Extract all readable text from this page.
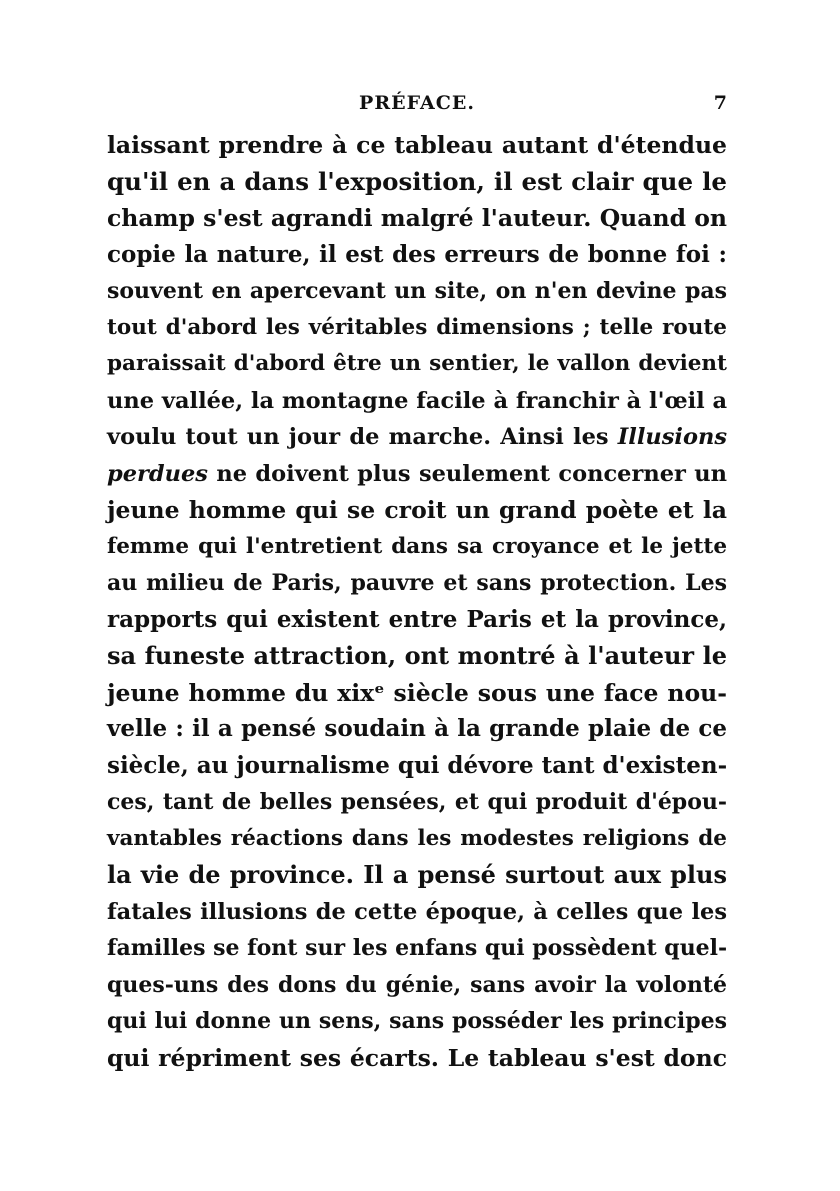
PRÉFACE.	7
laissant prendre à ce tableau autant d'étendue
qu'il en a dans l'exposition, il est clair que le
champ s'est agrandi malgré l'auteur. Quand on
copie la nature, il est des erreurs de bonne foi :
souvent en apercevant un site, on n'en devine pas
tout d'abord les véritables dimensions ; telle route
paraissait d'abord être un sentier, le vallon devient
une vallée, la montagne facile à franchir à l'œil a
voulu tout un jour de marche. Ainsi les Illusions
perdues ne doivent plus seulement concerner un
jeune homme qui se croit un grand poète et la
femme qui l'entretient dans sa croyance et le jette
au milieu de Paris, pauvre et sans protection. Les
rapports qui existent entre Paris et la province,
sa funeste attraction, ont montré à l'auteur le
jeune homme du xixᵉ siècle sous une face nou-
velle : il a pensé soudain à la grande plaie de ce
siècle, au journalisme qui dévore tant d'existen-
ces, tant de belles pensées, et qui produit d'épou-
vantables réactions dans les modestes religions de
la vie de province. Il a pensé surtout aux plus
fatales illusions de cette époque, à celles que les
familles se font sur les enfans qui possèdent quel-
ques-uns des dons du génie, sans avoir la volonté
qui lui donne un sens, sans posséder les principes
qui répriment ses écarts. Le tableau s'est donc
